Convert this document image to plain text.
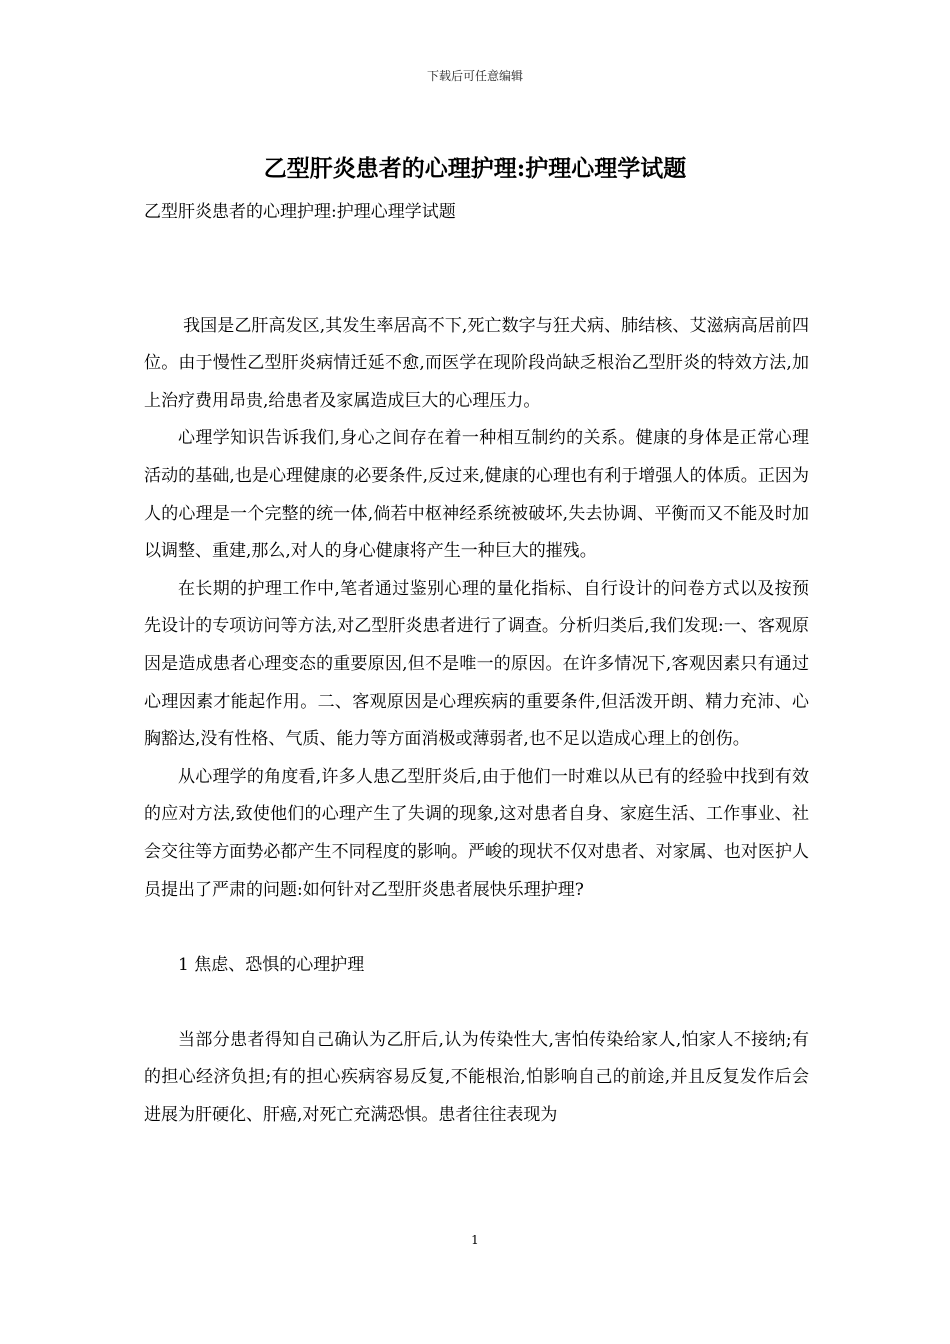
下载后可任意编辑
乙型肝炎患者的心理护理:护理心理学试题

乙型肝炎患者的心理护理:护理心理学试题

我国是乙肝高发区,其发生率居高不下,死亡数字与狂犬病、肺结核、艾滋病高居前四位。由于慢性乙型肝炎病情迁延不愈,而医学在现阶段尚缺乏根治乙型肝炎的特效方法,加上治疗费用昂贵,给患者及家属造成巨大的心理压力。

心理学知识告诉我们,身心之间存在着一种相互制约的关系。健康的身体是正常心理活动的基础,也是心理健康的必要条件,反过来,健康的心理也有利于增强人的体质。正因为人的心理是一个完整的统一体,倘若中枢神经系统被破坏,失去协调、平衡而又不能及时加以调整、重建,那么,对人的身心健康将产生一种巨大的摧残。

在长期的护理工作中,笔者通过鉴别心理的量化指标、自行设计的问卷方式以及按预先设计的专项访问等方法,对乙型肝炎患者进行了调查。分析归类后,我们发现:一、客观原因是造成患者心理变态的重要原因,但不是唯一的原因。在许多情况下,客观因素只有通过心理因素才能起作用。二、客观原因是心理疾病的重要条件,但活泼开朗、精力充沛、心胸豁达,没有性格、气质、能力等方面消极或薄弱者,也不足以造成心理上的创伤。

从心理学的角度看,许多人患乙型肝炎后,由于他们一时难以从已有的经验中找到有效的应对方法,致使他们的心理产生了失调的现象,这对患者自身、家庭生活、工作事业、社会交往等方面势必都产生不同程度的影响。严峻的现状不仅对患者、对家属、也对医护人员提出了严肃的问题:如何针对乙型肝炎患者展快乐理护理?

1 焦虑、恐惧的心理护理

当部分患者得知自己确认为乙肝后,认为传染性大,害怕传染给家人,怕家人不接纳;有的担心经济负担;有的担心疾病容易反复,不能根治,怕影响自己的前途,并且反复发作后会进展为肝硬化、肝癌,对死亡充满恐惧。患者往往表现为

1
